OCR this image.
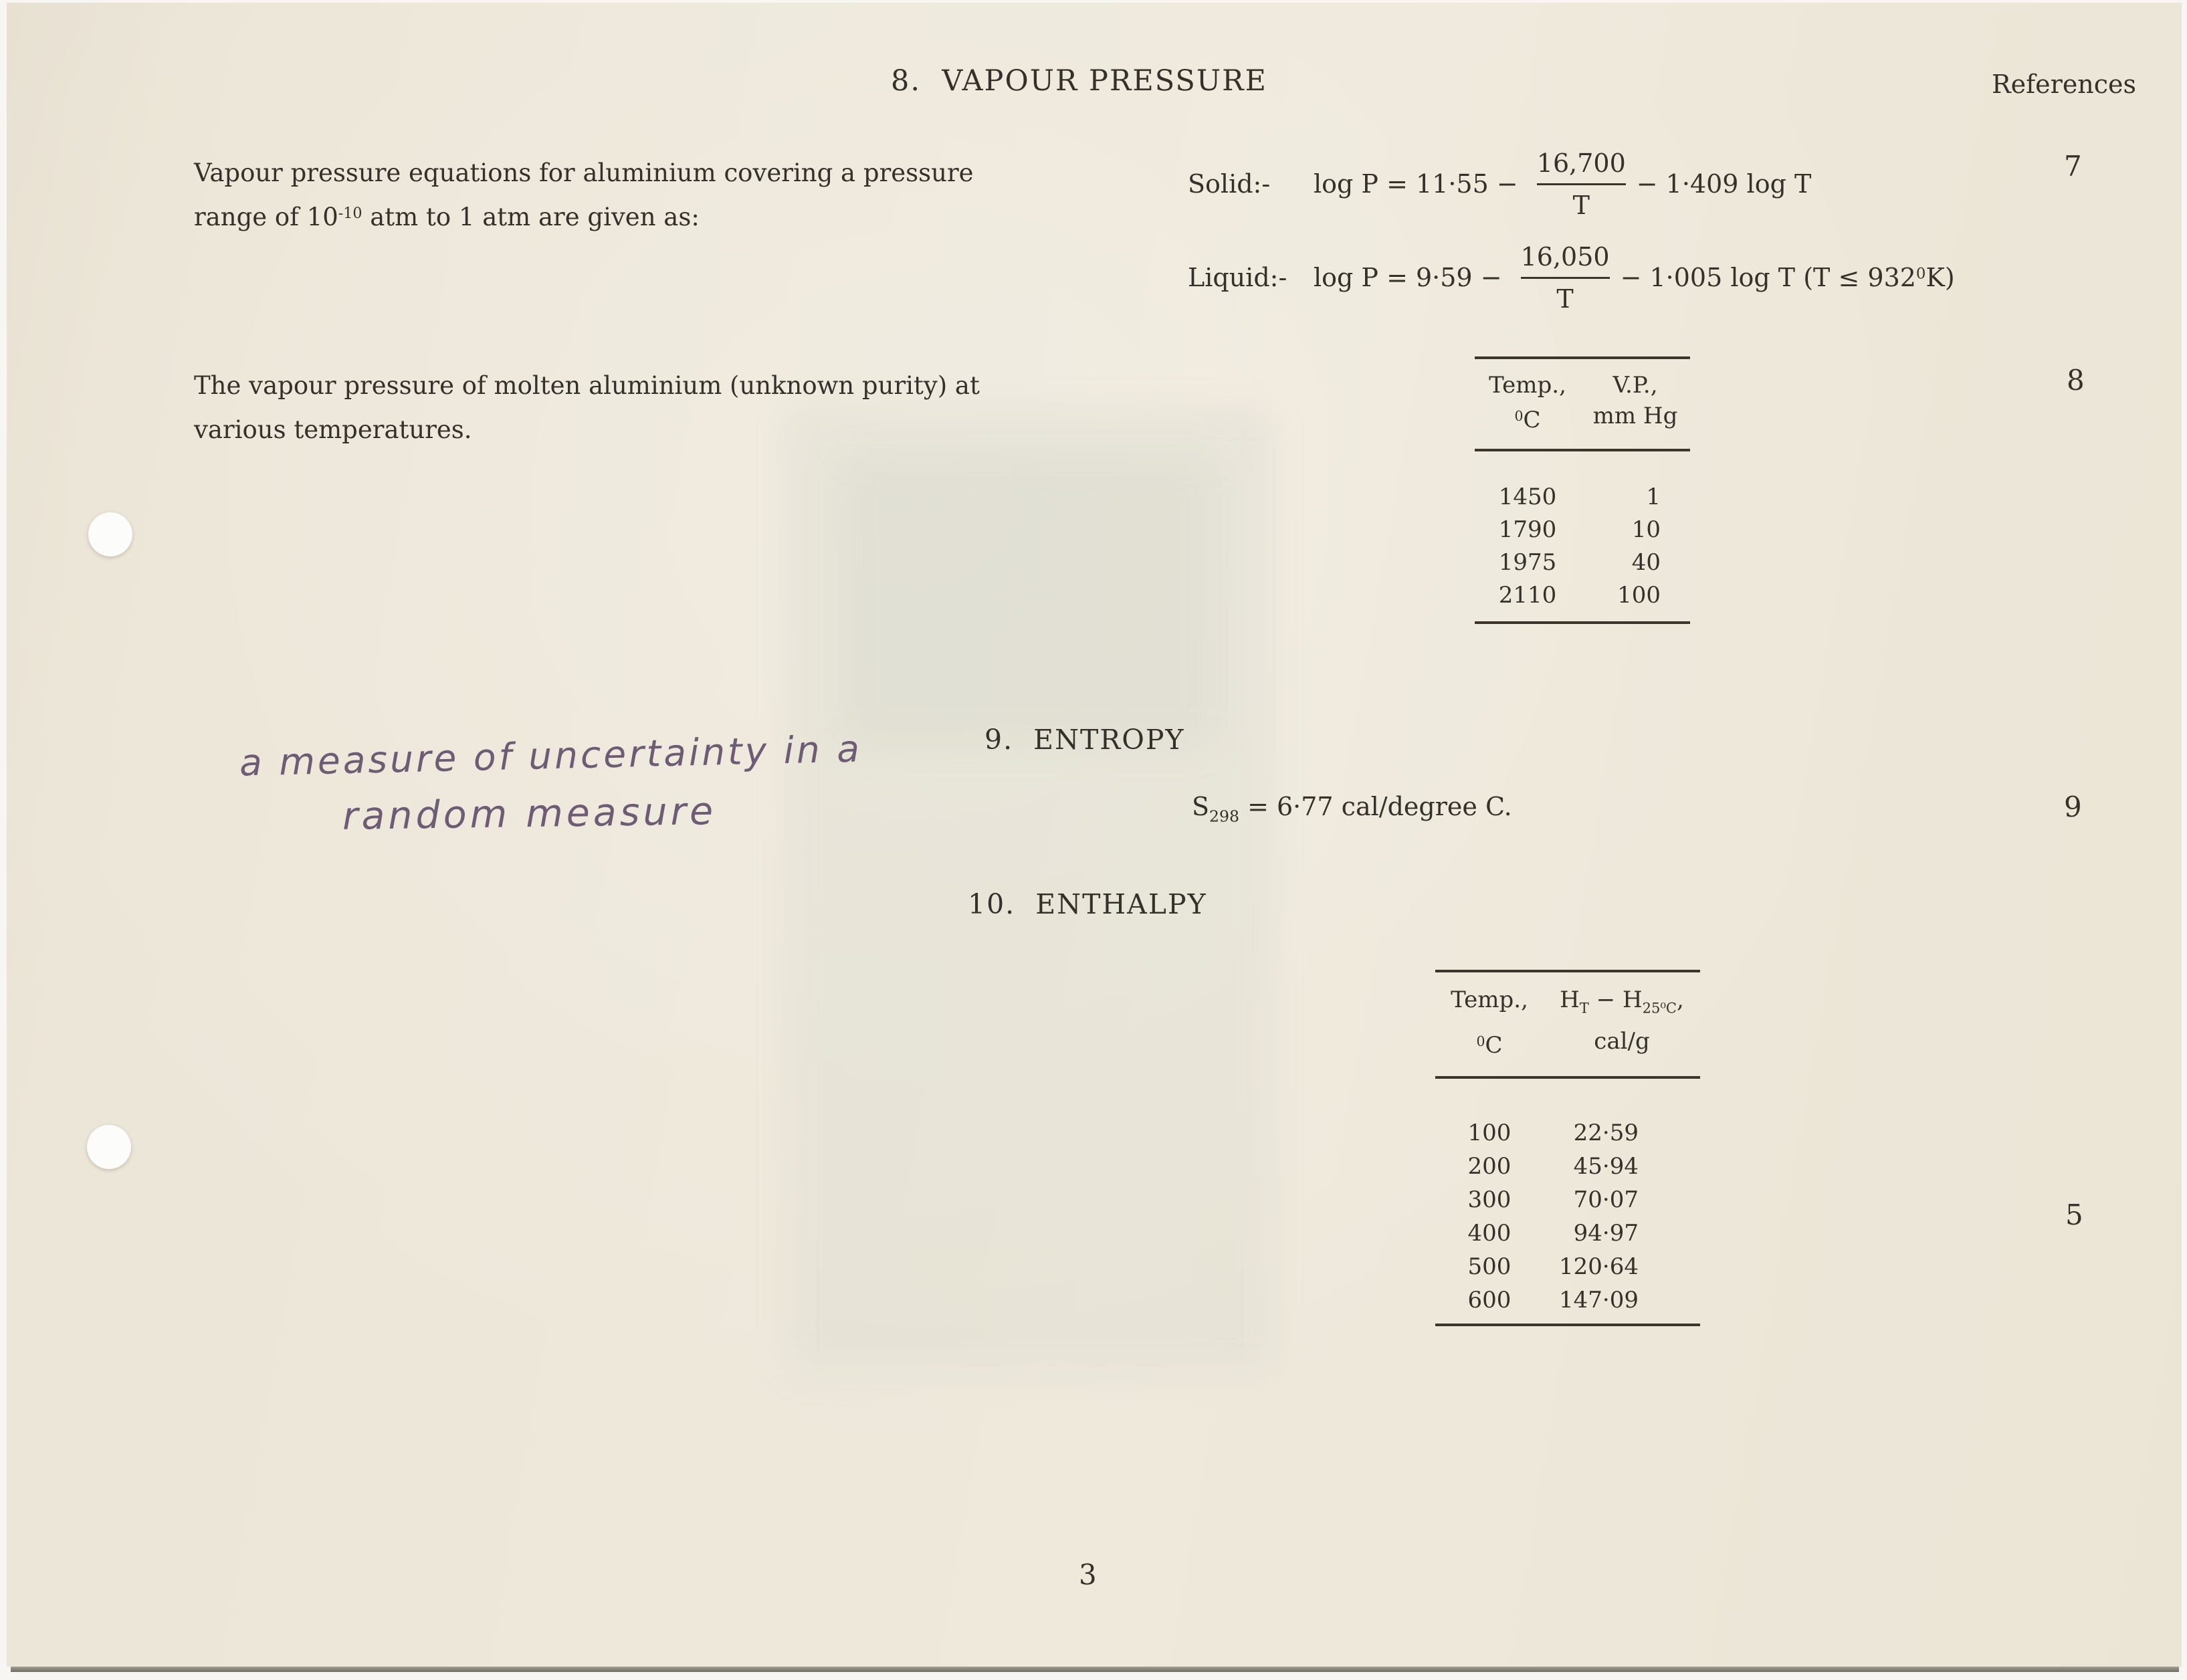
8.  VAPOUR PRESSURE	References
Vapour pressure equations for aluminium covering a pressure
range of $10^{-10}$ atm to 1 atm are given as:
Solid:-	$\log P = 11\cdot 55 - \frac{16,700}{T} - 1\cdot 409$ log T
Liquid:-	$\log P = 9\cdot 59 - \frac{16,050}{T} - 1\cdot 005$ log T $(T \le 932^0K)$
7
8
9
5
The vapour pressure of molten aluminium (unknown purity) at
various temperatures.
Temp.,	V.P.,
$^0$C	mm Hg
1450	1
1790	10
1975	40
2110	100
a measure of uncertainty in a
random measure
9.  ENTROPY
$S_{298} = 6\cdot 77$ cal/degree C.
10.  ENTHALPY
Temp.,	$H_T - H_{25^0C}$,
$^0$C	cal/g
100	22·59
200	45·94
300	70·07
400	94·97
500	120·64
600	147·09
3
